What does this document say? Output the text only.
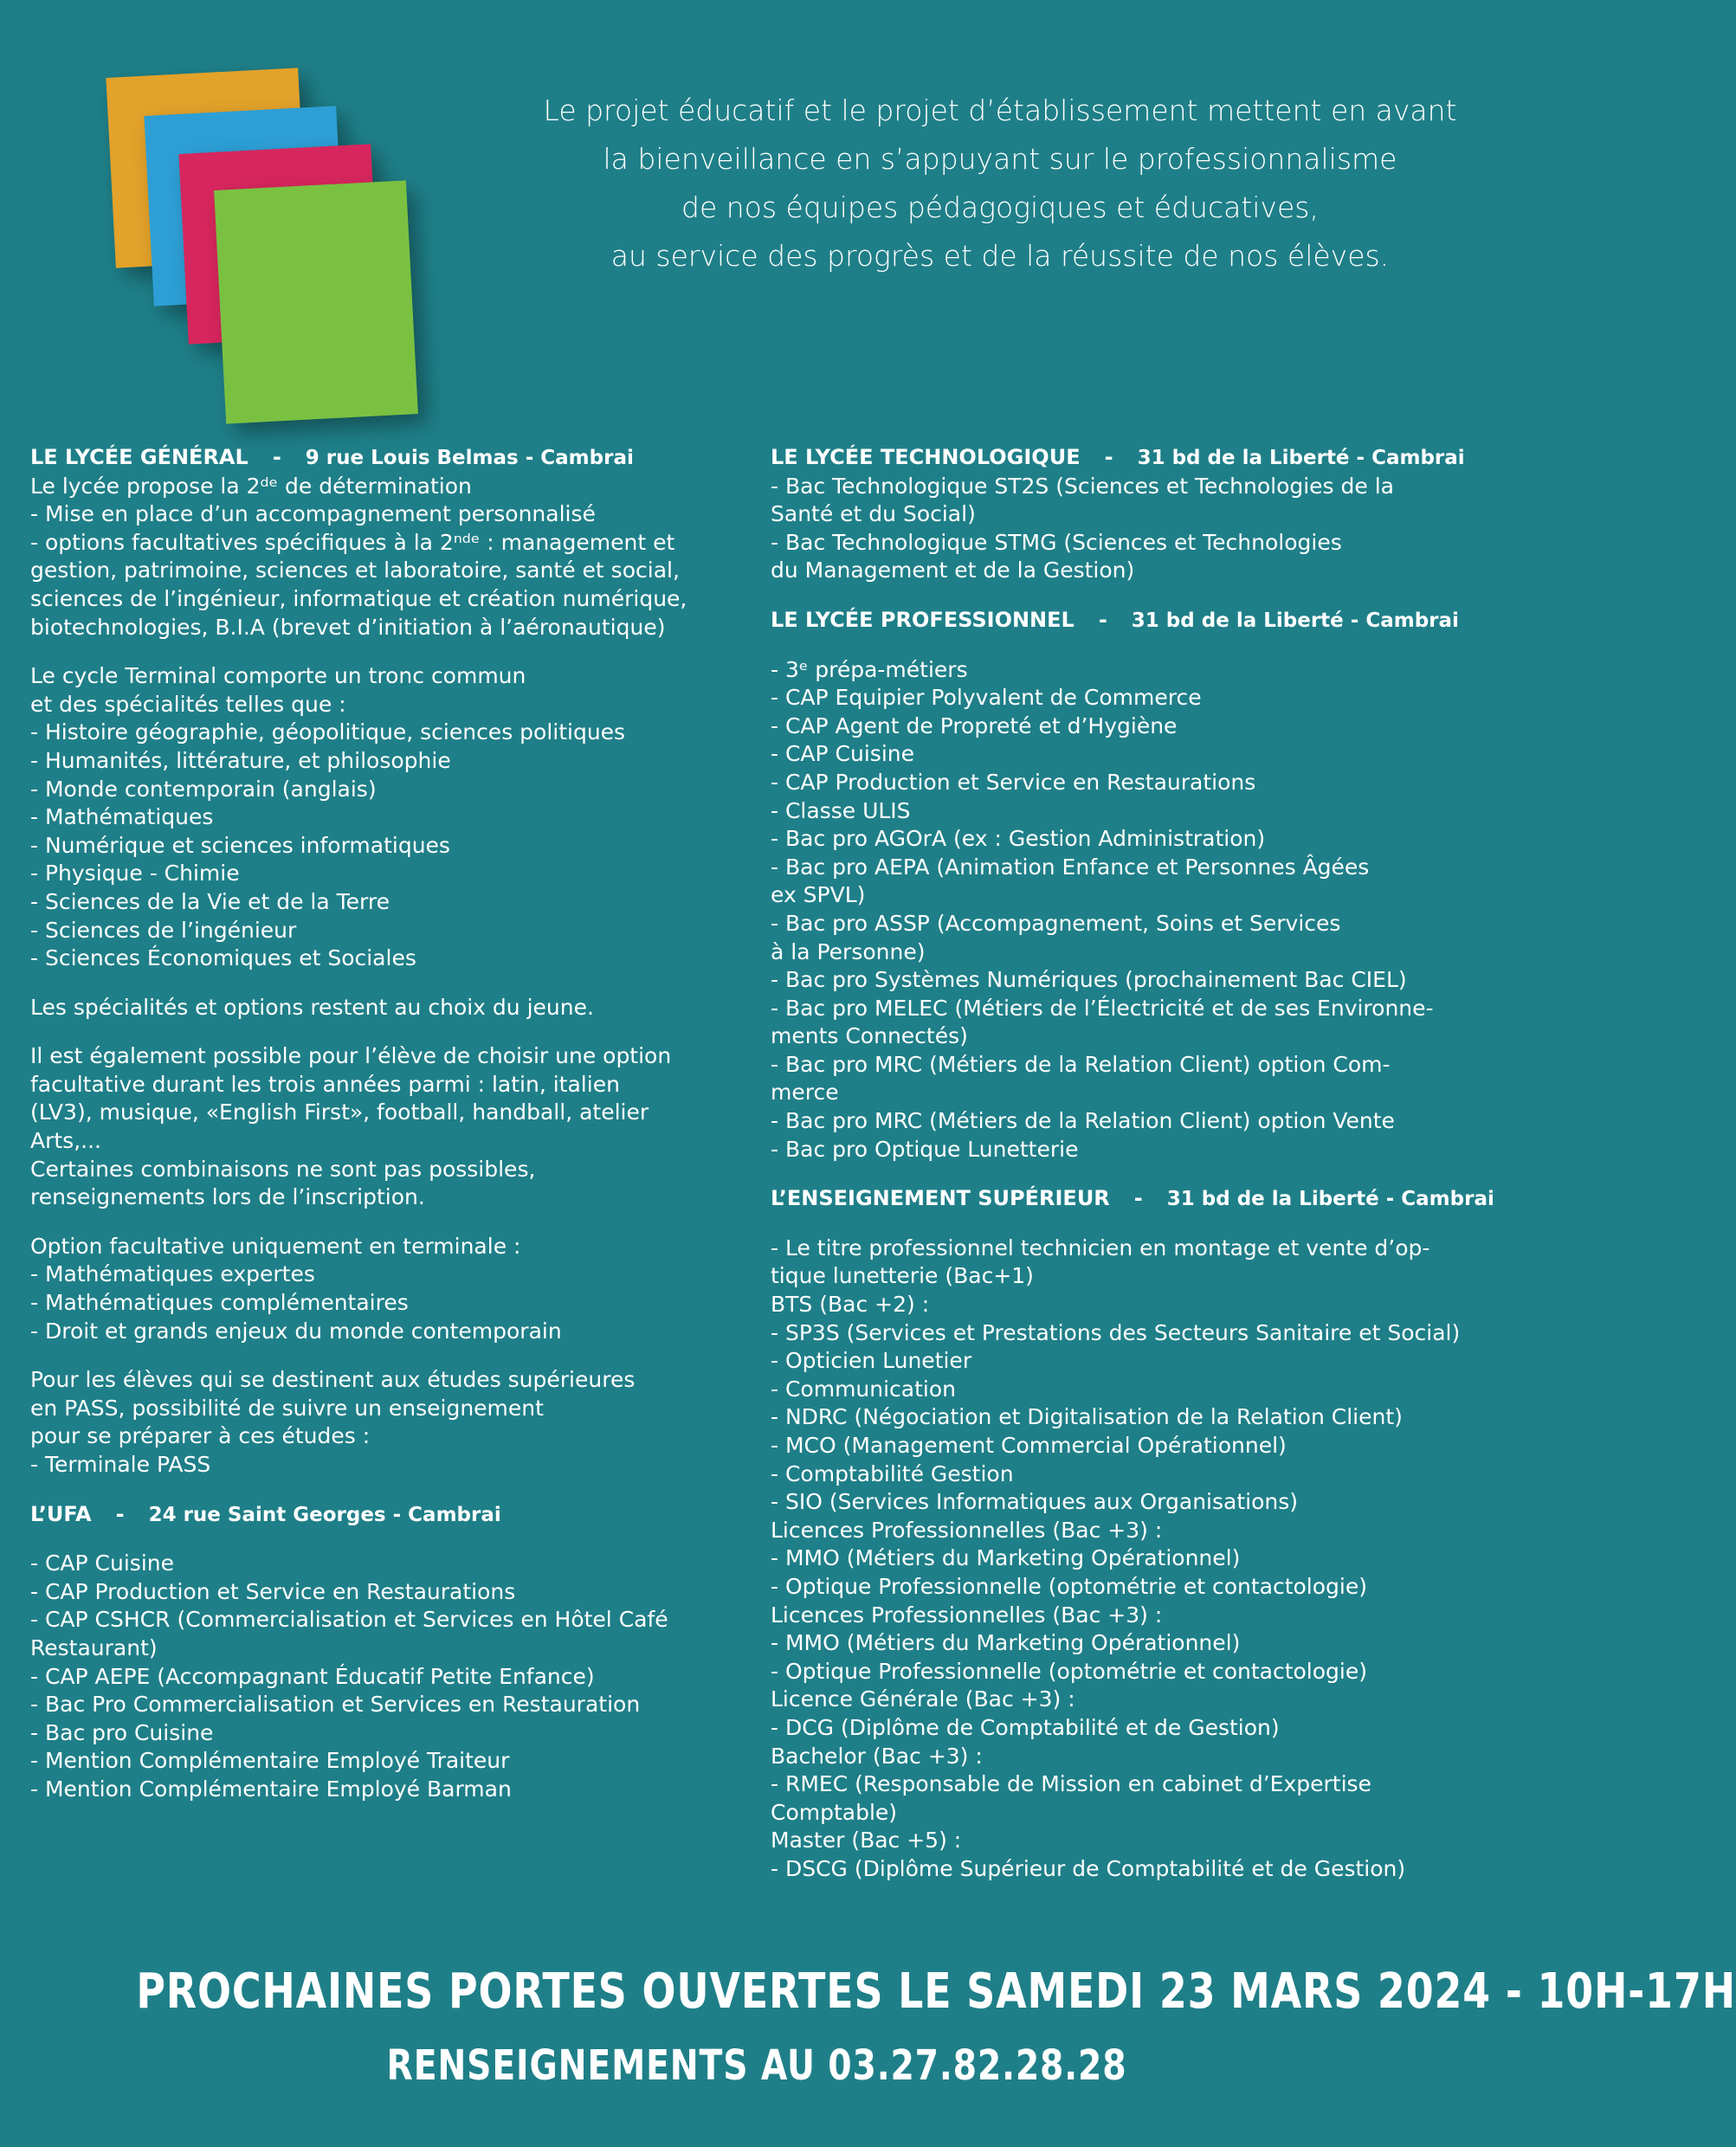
Le projet éducatif et le projet d’établissement mettent en avant
la bienveillance en s’appuyant sur le professionnalisme
de nos équipes pédagogiques et éducatives,
au service des progrès et de la réussite de nos élèves.
LE LYCÉE GÉNÉRAL - 9 rue Louis Belmas - Cambrai
Le lycée propose la 2ᵈᵉ de détermination
- Mise en place d’un accompagnement personnalisé
- options facultatives spécifiques à la 2ⁿᵈᵉ : management et
gestion, patrimoine, sciences et laboratoire, santé et social,
sciences de l’ingénieur, informatique et création numérique,
biotechnologies, B.I.A (brevet d’initiation à l’aéronautique)
Le cycle Terminal comporte un tronc commun
et des spécialités telles que :
- Histoire géographie, géopolitique, sciences politiques
- Humanités, littérature, et philosophie
- Monde contemporain (anglais)
- Mathématiques
- Numérique et sciences informatiques
- Physique - Chimie
- Sciences de la Vie et de la Terre
- Sciences de l’ingénieur
- Sciences Économiques et Sociales
Les spécialités et options restent au choix du jeune.
Il est également possible pour l’élève de choisir une option
facultative durant les trois années parmi : latin, italien
(LV3), musique, «English First», football, handball, atelier
Arts,...
Certaines combinaisons ne sont pas possibles,
renseignements lors de l’inscription.
Option facultative uniquement en terminale :
- Mathématiques expertes
- Mathématiques complémentaires
- Droit et grands enjeux du monde contemporain
Pour les élèves qui se destinent aux études supérieures
en PASS, possibilité de suivre un enseignement
pour se préparer à ces études :
- Terminale PASS
L’UFA - 24 rue Saint Georges - Cambrai
- CAP Cuisine
- CAP Production et Service en Restaurations
- CAP CSHCR (Commercialisation et Services en Hôtel Café
Restaurant)
- CAP AEPE (Accompagnant Éducatif Petite Enfance)
- Bac Pro Commercialisation et Services en Restauration
- Bac pro Cuisine
- Mention Complémentaire Employé Traiteur
- Mention Complémentaire Employé Barman
LE LYCÉE TECHNOLOGIQUE - 31 bd de la Liberté - Cambrai
- Bac Technologique ST2S (Sciences et Technologies de la
Santé et du Social)
- Bac Technologique STMG (Sciences et Technologies
du Management et de la Gestion)
LE LYCÉE PROFESSIONNEL - 31 bd de la Liberté - Cambrai
- 3ᵉ prépa-métiers
- CAP Equipier Polyvalent de Commerce
- CAP Agent de Propreté et d’Hygiène
- CAP Cuisine
- CAP Production et Service en Restaurations
- Classe ULIS
- Bac pro AGOrA (ex : Gestion Administration)
- Bac pro AEPA (Animation Enfance et Personnes Âgées
ex SPVL)
- Bac pro ASSP (Accompagnement, Soins et Services
à la Personne)
- Bac pro Systèmes Numériques (prochainement Bac CIEL)
- Bac pro MELEC (Métiers de l’Électricité et de ses Environne-
ments Connectés)
- Bac pro MRC (Métiers de la Relation Client) option Com-
merce
- Bac pro MRC (Métiers de la Relation Client) option Vente
- Bac pro Optique Lunetterie
L’ENSEIGNEMENT SUPÉRIEUR - 31 bd de la Liberté - Cambrai
- Le titre professionnel technicien en montage et vente d’op-
tique lunetterie (Bac+1)
BTS (Bac +2) :
- SP3S (Services et Prestations des Secteurs Sanitaire et Social)
- Opticien Lunetier
- Communication
- NDRC (Négociation et Digitalisation de la Relation Client)
- MCO (Management Commercial Opérationnel)
- Comptabilité Gestion
- SIO (Services Informatiques aux Organisations)
Licences Professionnelles (Bac +3) :
- MMO (Métiers du Marketing Opérationnel)
- Optique Professionnelle (optométrie et contactologie)
Licences Professionnelles (Bac +3) :
- MMO (Métiers du Marketing Opérationnel)
- Optique Professionnelle (optométrie et contactologie)
Licence Générale (Bac +3) :
- DCG (Diplôme de Comptabilité et de Gestion)
Bachelor (Bac +3) :
- RMEC (Responsable de Mission en cabinet d’Expertise
Comptable)
Master (Bac +5) :
- DSCG (Diplôme Supérieur de Comptabilité et de Gestion)
PROCHAINES PORTES OUVERTES LE SAMEDI 23 MARS 2024 - 10H-17H
RENSEIGNEMENTS AU 03.27.82.28.28
